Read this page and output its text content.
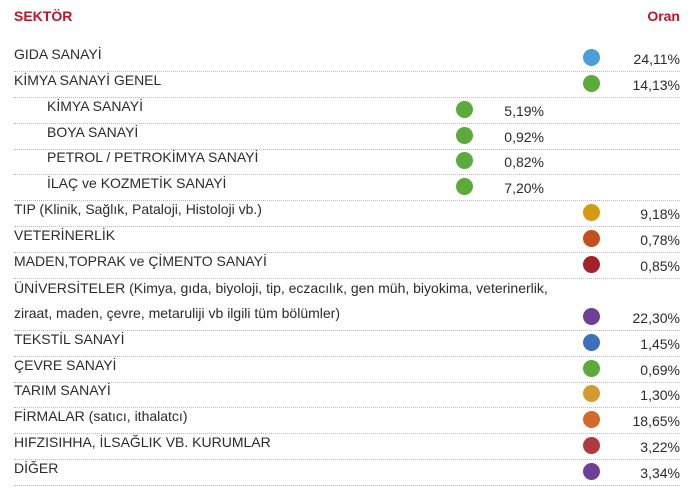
SEKTÖR	Oran
GIDA SANAYİ	24,11%
KİMYA SANAYİ GENEL	14,13%
KİMYA SANAYİ	5,19%
BOYA SANAYİ	0,92%
PETROL / PETROKİMYA SANAYİ	0,82%
İLAÇ ve KOZMETİK SANAYİ	7,20%
TIP (Klinik, Sağlık, Pataloji, Histoloji vb.)	9,18%
VETERİNERLİK	0,78%
MADEN,TOPRAK ve ÇİMENTO SANAYİ	0,85%
ÜNİVERSİTELER (Kimya, gıda, biyoloji, tip, eczacılık, gen müh, biyokima, veterinerlik, ziraat, maden, çevre, metaruliji vb ilgili tüm bölümler)	22,30%
TEKSTİL SANAYİ	1,45%
ÇEVRE SANAYİ	0,69%
TARIM SANAYİ	1,30%
FİRMALAR (satıcı, ithalatcı)	18,65%
HIFZISIHHA, İLSAĞLIK VB. KURUMLAR	3,22%
DİĞER	3,34%
